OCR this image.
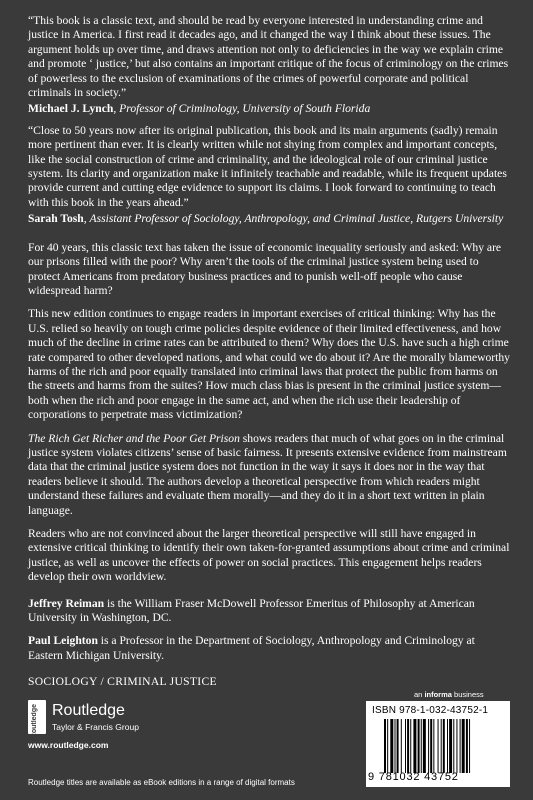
“This book is a classic text, and should be read by everyone interested in understanding crime and justice in America. I first read it decades ago, and it changed the way I think about these issues. The argument holds up over time, and draws attention not only to deficiencies in the way we explain crime and promote ‘ justice,’ but also contains an important critique of the focus of criminology on the crimes of powerless to the exclusion of examinations of the crimes of powerful corporate and political criminals in society.”

Michael J. Lynch, Professor of Criminology, University of South Florida

“Close to 50 years now after its original publication, this book and its main arguments (sadly) remain more pertinent than ever. It is clearly written while not shying from complex and important concepts, like the social construction of crime and criminality, and the ideological role of our criminal justice system. Its clarity and organization make it infinitely teachable and readable, while its frequent updates provide current and cutting edge evidence to support its claims. I look forward to continuing to teach with this book in the years ahead.”

Sarah Tosh, Assistant Professor of Sociology, Anthropology, and Criminal Justice, Rutgers University

For 40 years, this classic text has taken the issue of economic inequality seriously and asked: Why are our prisons filled with the poor? Why aren’t the tools of the criminal justice system being used to protect Americans from predatory business practices and to punish well-off people who cause widespread harm?

This new edition continues to engage readers in important exercises of critical thinking: Why has the U.S. relied so heavily on tough crime policies despite evidence of their limited effectiveness, and how much of the decline in crime rates can be attributed to them? Why does the U.S. have such a high crime rate compared to other developed nations, and what could we do about it? Are the morally blameworthy harms of the rich and poor equally translated into criminal laws that protect the public from harms on the streets and harms from the suites? How much class bias is present in the criminal justice system—both when the rich and poor engage in the same act, and when the rich use their leadership of corporations to perpetrate mass victimization?

The Rich Get Richer and the Poor Get Prison shows readers that much of what goes on in the criminal justice system violates citizens’ sense of basic fairness. It presents extensive evidence from mainstream data that the criminal justice system does not function in the way it says it does nor in the way that readers believe it should. The authors develop a theoretical perspective from which readers might understand these failures and evaluate them morally—and they do it in a short text written in plain language.

Readers who are not convinced about the larger theoretical perspective will still have engaged in extensive critical thinking to identify their own taken-for-granted assumptions about crime and criminal justice, as well as uncover the effects of power on social practices. This engagement helps readers develop their own worldview.

Jeffrey Reiman is the William Fraser McDowell Professor Emeritus of Philosophy at American University in Washington, DC.

Paul Leighton is a Professor in the Department of Sociology, Anthropology and Criminology at Eastern Michigan University.

SOCIOLOGY / CRIMINAL JUSTICE

an informa business
Routledge Routledge
Taylor & Francis Group
www.routledge.com
Routledge titles are available as eBook editions in a range of digital formats
ISBN 978-1-032-43752-1
9 781032 43752
